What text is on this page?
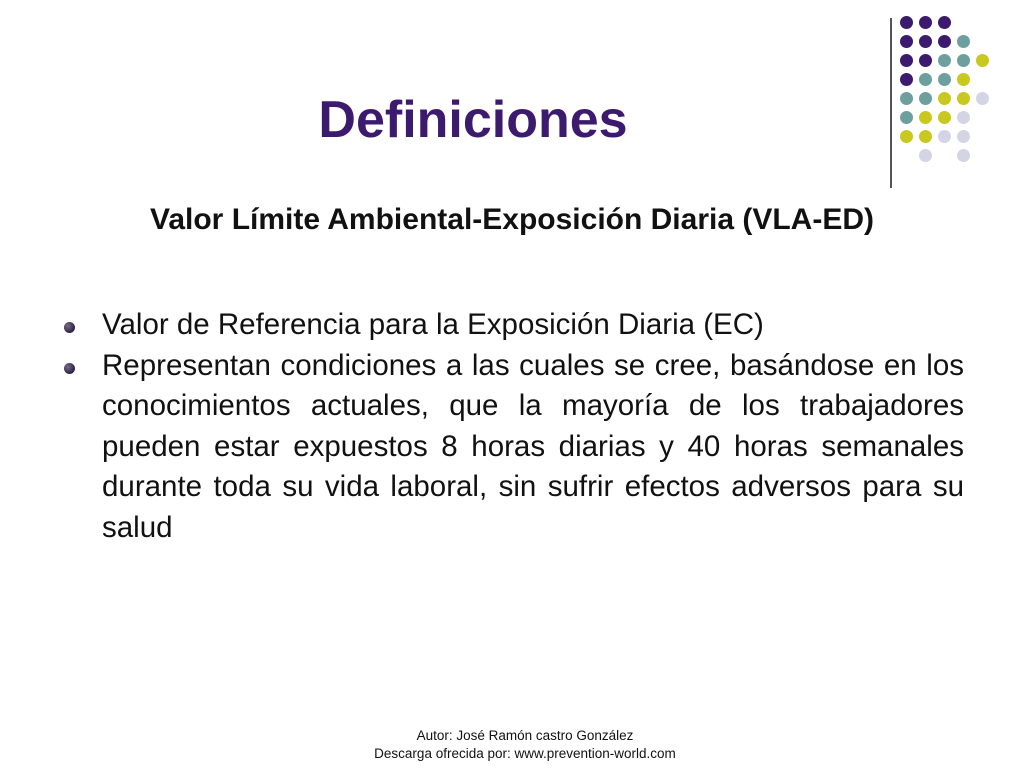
Definiciones
Valor Límite Ambiental-Exposición Diaria (VLA-ED)
Valor de Referencia para la Exposición Diaria (EC)
Representan condiciones a las cuales se cree, basándose en los conocimientos actuales, que la mayoría de los trabajadores pueden estar expuestos 8 horas diarias y 40 horas semanales durante toda su vida laboral, sin sufrir efectos adversos para su salud
Autor: José Ramón castro González
Descarga ofrecida por: www.prevention-world.com
